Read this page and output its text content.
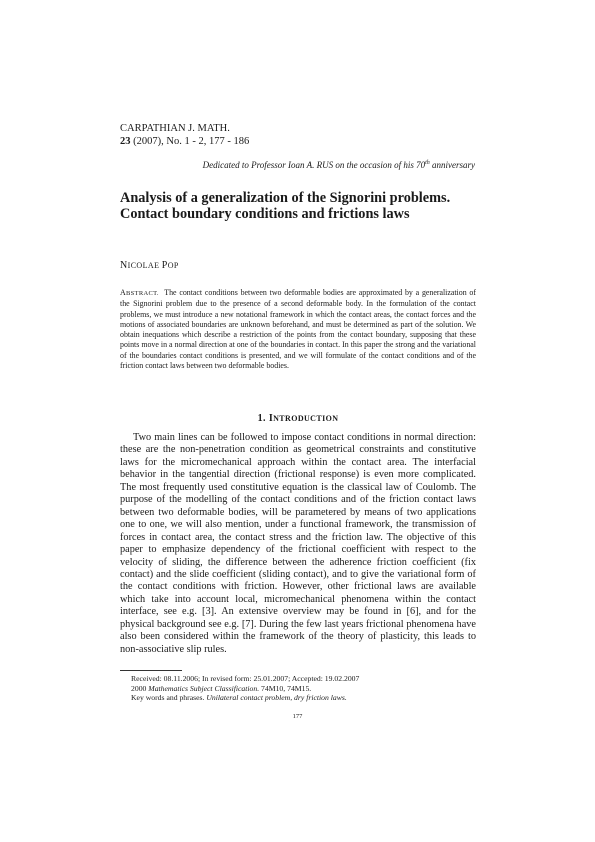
CARPATHIAN J. MATH.
23 (2007), No. 1 - 2, 177 - 186
Dedicated to Professor Ioan A. RUS on the occasion of his 70th anniversary
Analysis of a generalization of the Signorini problems. Contact boundary conditions and frictions laws
NICOLAE POP

ABSTRACT. The contact conditions between two deformable bodies are approximated by a generalization of the Signorini problem due to the presence of a second deformable body. In the formulation of the contact problems, we must introduce a new notational framework in which the contact areas, the contact forces and the motions of associated boundaries are unknown beforehand, and must be determined as part of the solution. We obtain inequations which describe a restriction of the points from the contact boundary, supposing that these points move in a normal direction at one of the boundaries in contact. In this paper the strong and the variational of the boundaries contact conditions is presented, and we will formulate of the contact conditions and of the friction contact laws between two deformable bodies.

1. INTRODUCTION

Two main lines can be followed to impose contact conditions in normal direction: these are the non-penetration condition as geometrical constraints and constitutive laws for the micromechanical approach within the contact area. The interfacial behavior in the tangential direction (frictional response) is even more complicated. The most frequently used constitutive equation is the classical law of Coulomb. The purpose of the modelling of the contact conditions and of the friction contact laws between two deformable bodies, will be parametered by means of two applications one to one, we will also mention, under a functional framework, the transmission of forces in contact area, the contact stress and the friction law. The objective of this paper to emphasize dependency of the frictional coefficient with respect to the velocity of sliding, the difference between the adherence friction coefficient (fix contact) and the slide coefficient (sliding contact), and to give the variational form of the contact conditions with friction. However, other frictional laws are available which take into account local, micromechanical phenomena within the contact interface, see e.g. [3]. An extensive overview may be found in [6], and for the physical background see e.g. [7]. During the few last years frictional phenomena have also been considered within the framework of the theory of plasticity, this leads to non-associative slip rules.

Received: 08.11.2006; In revised form: 25.01.2007; Accepted: 19.02.2007
2000 Mathematics Subject Classification. 74M10, 74M15.
Key words and phrases. Unilateral contact problem, dry friction laws.
177
